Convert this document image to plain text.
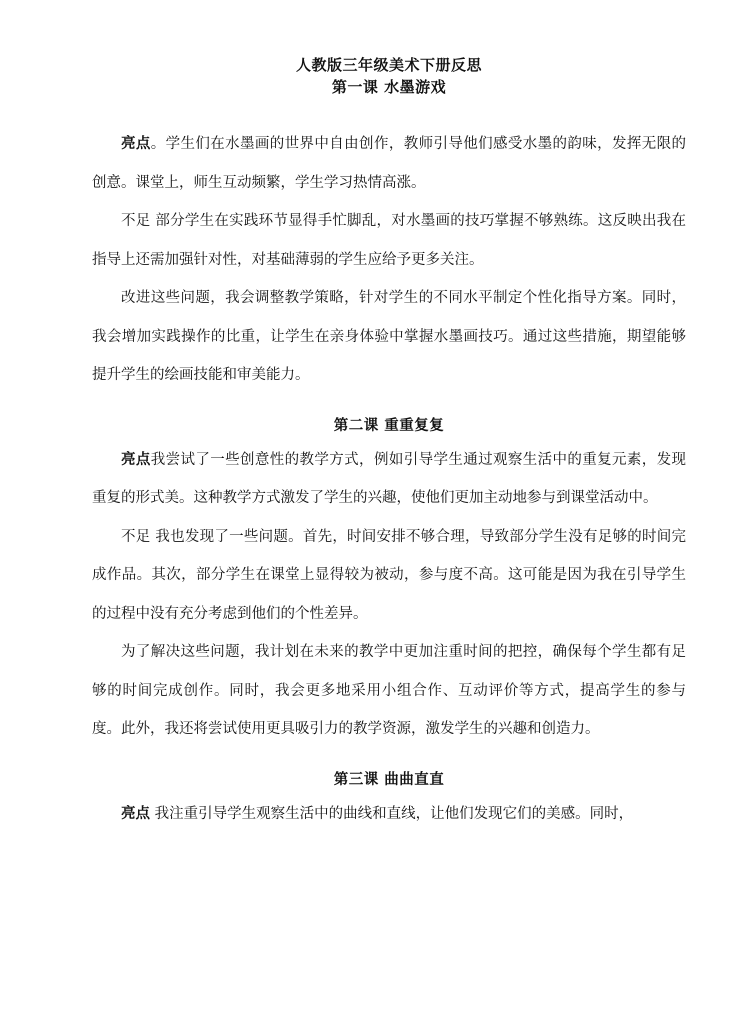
人教版三年级美术下册反思

第一课 水墨游戏

亮点。学生们在水墨画的世界中自由创作，教师引导他们感受水墨的韵味，发挥无限的创意。课堂上，师生互动频繁，学生学习热情高涨。

不足 部分学生在实践环节显得手忙脚乱，对水墨画的技巧掌握不够熟练。这反映出我在指导上还需加强针对性，对基础薄弱的学生应给予更多关注。

改进这些问题，我会调整教学策略，针对学生的不同水平制定个性化指导方案。同时，我会增加实践操作的比重，让学生在亲身体验中掌握水墨画技巧。通过这些措施，期望能够提升学生的绘画技能和审美能力。

第二课 重重复复

亮点我尝试了一些创意性的教学方式，例如引导学生通过观察生活中的重复元素，发现重复的形式美。这种教学方式激发了学生的兴趣，使他们更加主动地参与到课堂活动中。

不足 我也发现了一些问题。首先，时间安排不够合理，导致部分学生没有足够的时间完成作品。其次，部分学生在课堂上显得较为被动，参与度不高。这可能是因为我在引导学生的过程中没有充分考虑到他们的个性差异。

为了解决这些问题，我计划在未来的教学中更加注重时间的把控，确保每个学生都有足够的时间完成创作。同时，我会更多地采用小组合作、互动评价等方式，提高学生的参与度。此外，我还将尝试使用更具吸引力的教学资源，激发学生的兴趣和创造力。

第三课 曲曲直直

亮点 我注重引导学生观察生活中的曲线和直线，让他们发现它们的美感。同时，
